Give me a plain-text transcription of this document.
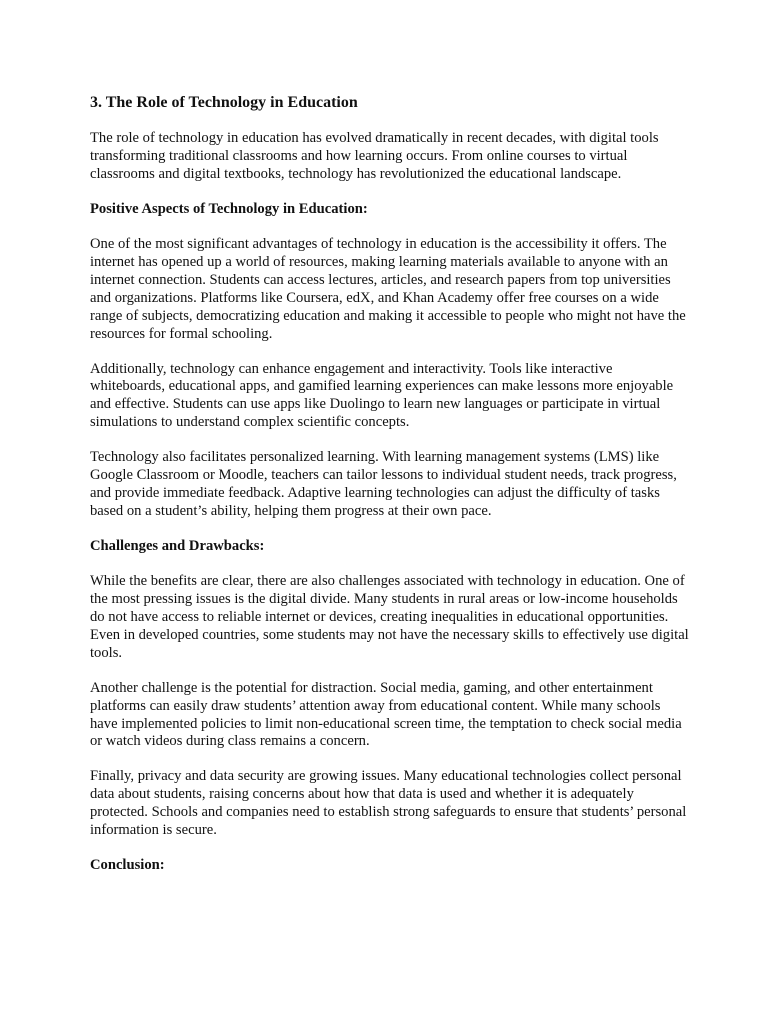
3. The Role of Technology in Education

The role of technology in education has evolved dramatically in recent decades, with digital tools transforming traditional classrooms and how learning occurs. From online courses to virtual classrooms and digital textbooks, technology has revolutionized the educational landscape.

Positive Aspects of Technology in Education:

One of the most significant advantages of technology in education is the accessibility it offers. The internet has opened up a world of resources, making learning materials available to anyone with an internet connection. Students can access lectures, articles, and research papers from top universities and organizations. Platforms like Coursera, edX, and Khan Academy offer free courses on a wide range of subjects, democratizing education and making it accessible to people who might not have the resources for formal schooling.

Additionally, technology can enhance engagement and interactivity. Tools like interactive whiteboards, educational apps, and gamified learning experiences can make lessons more enjoyable and effective. Students can use apps like Duolingo to learn new languages or participate in virtual simulations to understand complex scientific concepts.

Technology also facilitates personalized learning. With learning management systems (LMS) like Google Classroom or Moodle, teachers can tailor lessons to individual student needs, track progress, and provide immediate feedback. Adaptive learning technologies can adjust the difficulty of tasks based on a student’s ability, helping them progress at their own pace.

Challenges and Drawbacks:

While the benefits are clear, there are also challenges associated with technology in education. One of the most pressing issues is the digital divide. Many students in rural areas or low-income households do not have access to reliable internet or devices, creating inequalities in educational opportunities. Even in developed countries, some students may not have the necessary skills to effectively use digital tools.

Another challenge is the potential for distraction. Social media, gaming, and other entertainment platforms can easily draw students’ attention away from educational content. While many schools have implemented policies to limit non-educational screen time, the temptation to check social media or watch videos during class remains a concern.

Finally, privacy and data security are growing issues. Many educational technologies collect personal data about students, raising concerns about how that data is used and whether it is adequately protected. Schools and companies need to establish strong safeguards to ensure that students’ personal information is secure.

Conclusion:
